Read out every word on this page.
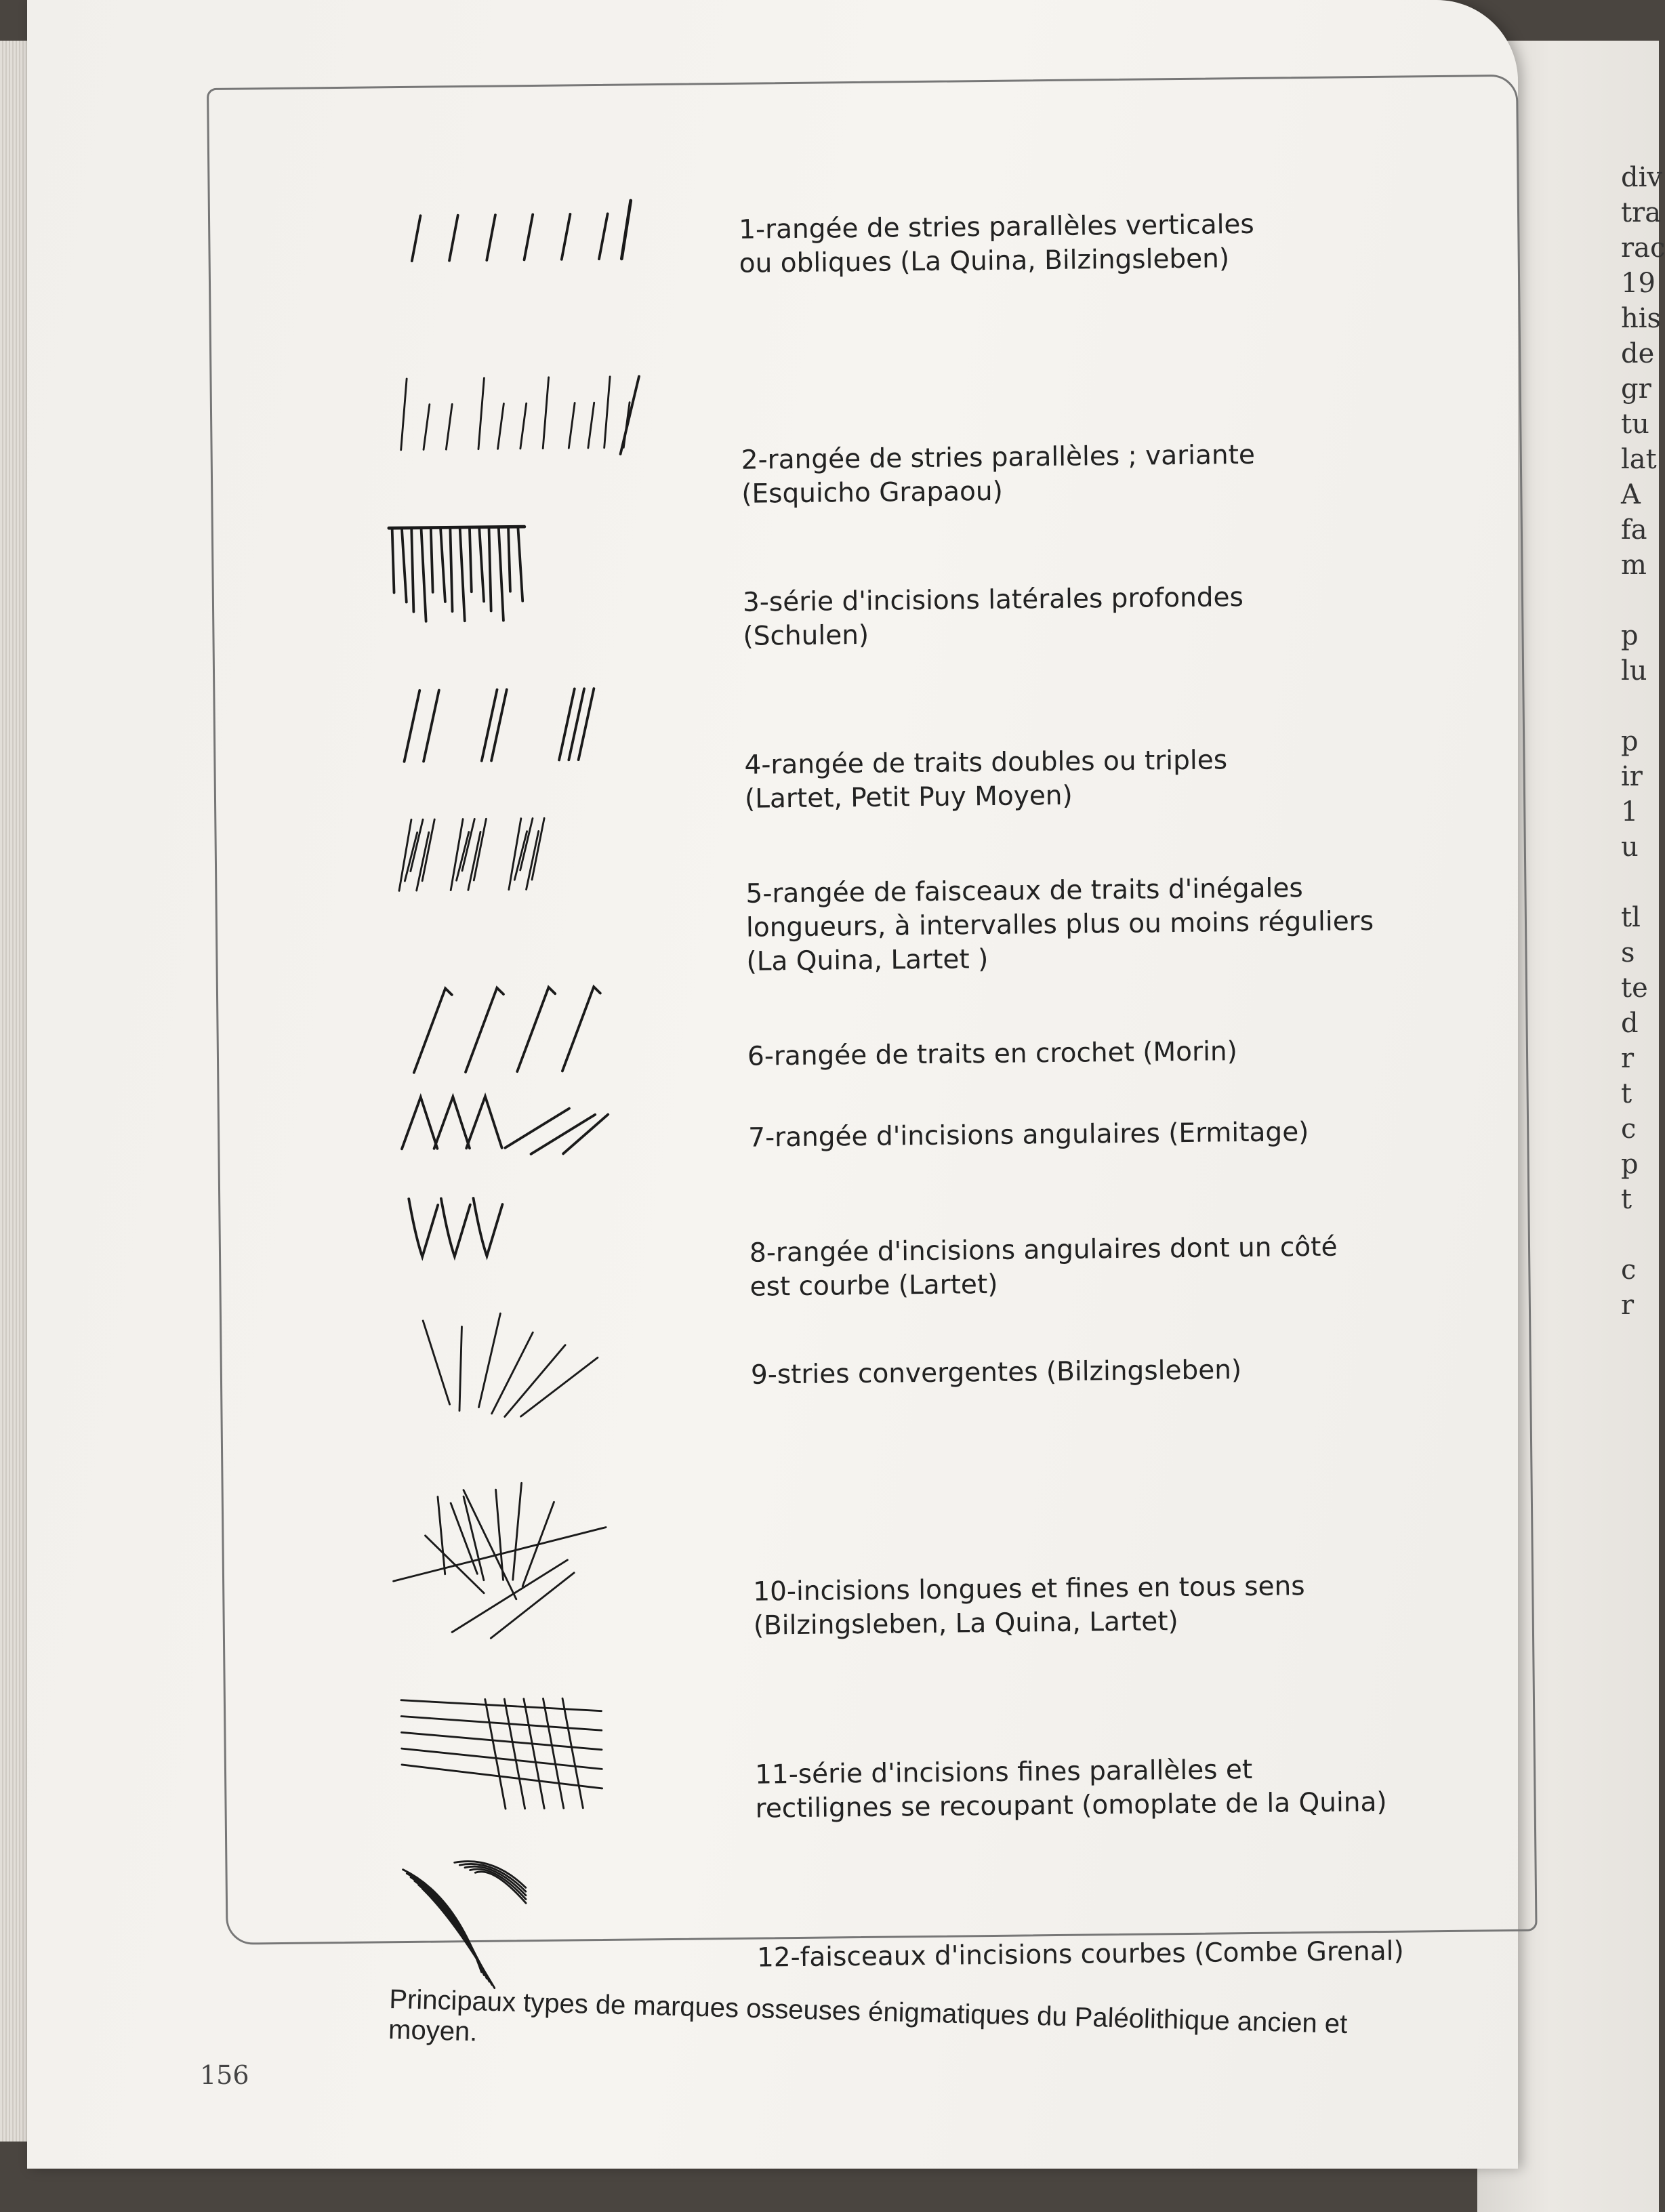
div
tra
rac
19
his
de
gr
tu
lat
A
fa
m

p
lu

p
ir
1
u

tl
s
te
d
r
t
c
p
t

c
r
1-rangée de stries parallèles verticales
ou obliques (La Quina, Bilzingsleben)
2-rangée de stries parallèles ; variante
(Esquicho Grapaou)
3-série d'incisions latérales profondes
(Schulen)
4-rangée de traits doubles ou triples
(Lartet, Petit Puy Moyen)
5-rangée de faisceaux de traits d'inégales
longueurs, à intervalles plus ou moins réguliers
(La Quina, Lartet )
6-rangée de traits en crochet (Morin)
7-rangée d'incisions angulaires (Ermitage)
8-rangée d'incisions angulaires dont un côté
est courbe (Lartet)
9-stries convergentes (Bilzingsleben)
10-incisions longues et fines en tous sens
(Bilzingsleben, La Quina, Lartet)
11-série d'incisions fines parallèles et
rectilignes se recoupant (omoplate de la Quina)
12-faisceaux d'incisions courbes (Combe Grenal)
Principaux types de marques osseuses énigmatiques du Paléolithique ancien et moyen.
156
